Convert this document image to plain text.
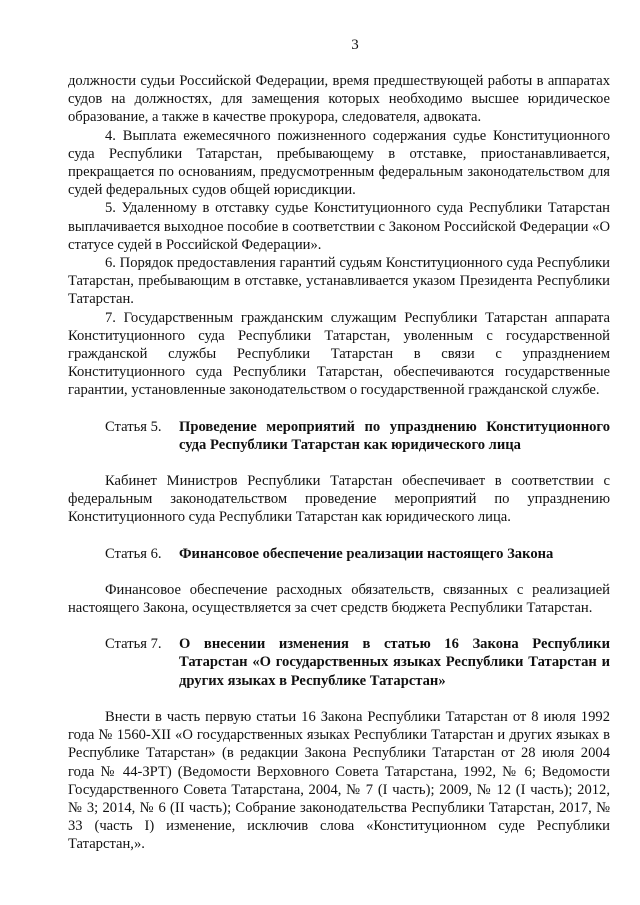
3

должности судьи Российской Федерации, время предшествующей работы в аппаратах судов на должностях, для замещения которых необходимо высшее юридическое образование, а также в качестве прокурора, следователя, адвоката.

4. Выплата ежемесячного пожизненного содержания судье Конституционного суда Республики Татарстан, пребывающему в отставке, приостанавливается, прекращается по основаниям, предусмотренным федеральным законодательством для судей федеральных судов общей юрисдикции.

5. Удаленному в отставку судье Конституционного суда Республики Татарстан выплачивается выходное пособие в соответствии с Законом Российской Федерации «О статусе судей в Российской Федерации».

6. Порядок предоставления гарантий судьям Конституционного суда Республики Татарстан, пребывающим в отставке, устанавливается указом Президента Республики Татарстан.

7. Государственным гражданским служащим Республики Татарстан аппарата Конституционного суда Республики Татарстан, уволенным с государственной гражданской службы Республики Татарстан в связи с упразднением Конституционного суда Республики Татарстан, обеспечиваются государственные гарантии, установленные законодательством о государственной гражданской службе.

Статья 5.	Проведение мероприятий по упразднению Конституционного суда Республики Татарстан как юридического лица

Кабинет Министров Республики Татарстан обеспечивает в соответствии с федеральным законодательством проведение мероприятий по упразднению Конституционного суда Республики Татарстан как юридического лица.

Статья 6.	Финансовое обеспечение реализации настоящего Закона

Финансовое обеспечение расходных обязательств, связанных с реализацией настоящего Закона, осуществляется за счет средств бюджета Республики Татарстан.

Статья 7.	О внесении изменения в статью 16 Закона Республики Татарстан «О государственных языках Республики Татарстан и других языках в Республике Татарстан»

Внести в часть первую статьи 16 Закона Республики Татарстан от 8 июля 1992 года № 1560-XII «О государственных языках Республики Татарстан и других языках в Республике Татарстан» (в редакции Закона Республики Татарстан от 28 июля 2004 года № 44-ЗРТ) (Ведомости Верховного Совета Татарстана, 1992, № 6; Ведомости Государственного Совета Татарстана, 2004, № 7 (I часть); 2009, № 12 (I часть); 2012, № 3; 2014, № 6 (II часть); Собрание законодательства Республики Татарстан, 2017, № 33 (часть I) изменение, исключив слова «Конституционном суде Республики Татарстан,».
